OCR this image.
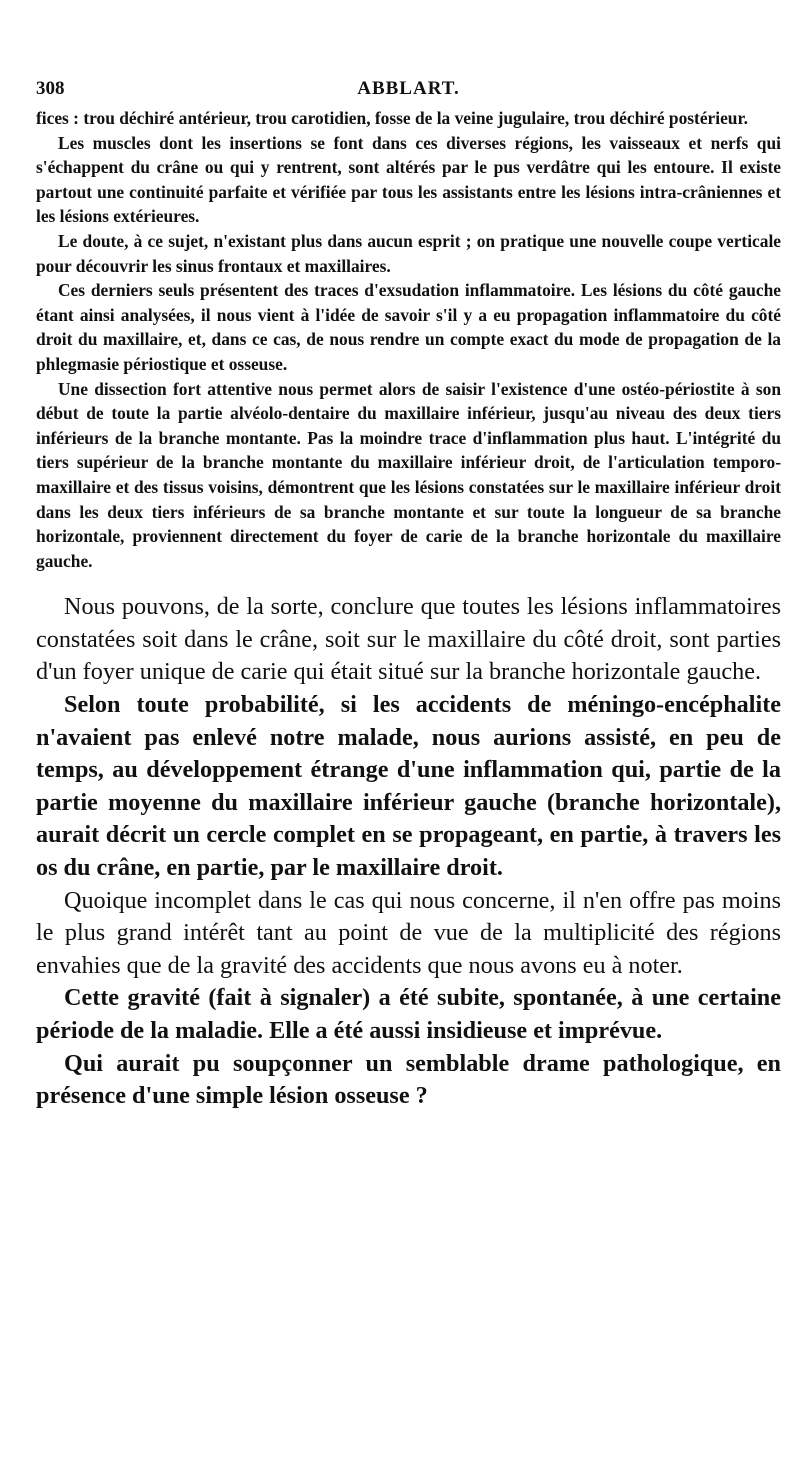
308	ABBLART.

fices : trou déchiré antérieur, trou carotidien, fosse de la veine jugulaire, trou déchiré postérieur.

Les muscles dont les insertions se font dans ces diverses régions, les vaisseaux et nerfs qui s'échappent du crâne ou qui y rentrent, sont altérés par le pus verdâtre qui les entoure. Il existe partout une continuité parfaite et vérifiée par tous les assistants entre les lésions intra-crâniennes et les lésions extérieures.

Le doute, à ce sujet, n'existant plus dans aucun esprit ; on pratique une nouvelle coupe verticale pour découvrir les sinus frontaux et maxillaires.

Ces derniers seuls présentent des traces d'exsudation inflammatoire. Les lésions du côté gauche étant ainsi analysées, il nous vient à l'idée de savoir s'il y a eu propagation inflammatoire du côté droit du maxillaire, et, dans ce cas, de nous rendre un compte exact du mode de propagation de la phlegmasie périostique et osseuse.

Une dissection fort attentive nous permet alors de saisir l'existence d'une ostéo-périostite à son début de toute la partie alvéolo-dentaire du maxillaire inférieur, jusqu'au niveau des deux tiers inférieurs de la branche montante. Pas la moindre trace d'inflammation plus haut. L'intégrité du tiers supérieur de la branche montante du maxillaire inférieur droit, de l'articulation temporo-maxillaire et des tissus voisins, démontrent que les lésions constatées sur le maxillaire inférieur droit dans les deux tiers inférieurs de sa branche montante et sur toute la longueur de sa branche horizontale, proviennent directement du foyer de carie de la branche horizontale du maxillaire gauche.

Nous pouvons, de la sorte, conclure que toutes les lésions inflammatoires constatées soit dans le crâne, soit sur le maxillaire du côté droit, sont parties d'un foyer unique de carie qui était situé sur la branche horizontale gauche.

Selon toute probabilité, si les accidents de méningo-encéphalite n'avaient pas enlevé notre malade, nous aurions assisté, en peu de temps, au développement étrange d'une inflammation qui, partie de la partie moyenne du maxillaire inférieur gauche (branche horizontale), aurait décrit un cercle complet en se propageant, en partie, à travers les os du crâne, en partie, par le maxillaire droit.

Quoique incomplet dans le cas qui nous concerne, il n'en offre pas moins le plus grand intérêt tant au point de vue de la multiplicité des régions envahies que de la gravité des accidents que nous avons eu à noter.

Cette gravité (fait à signaler) a été subite, spontanée, à une certaine période de la maladie. Elle a été aussi insidieuse et imprévue.

Qui aurait pu soupçonner un semblable drame pathologique, en présence d'une simple lésion osseuse ?
